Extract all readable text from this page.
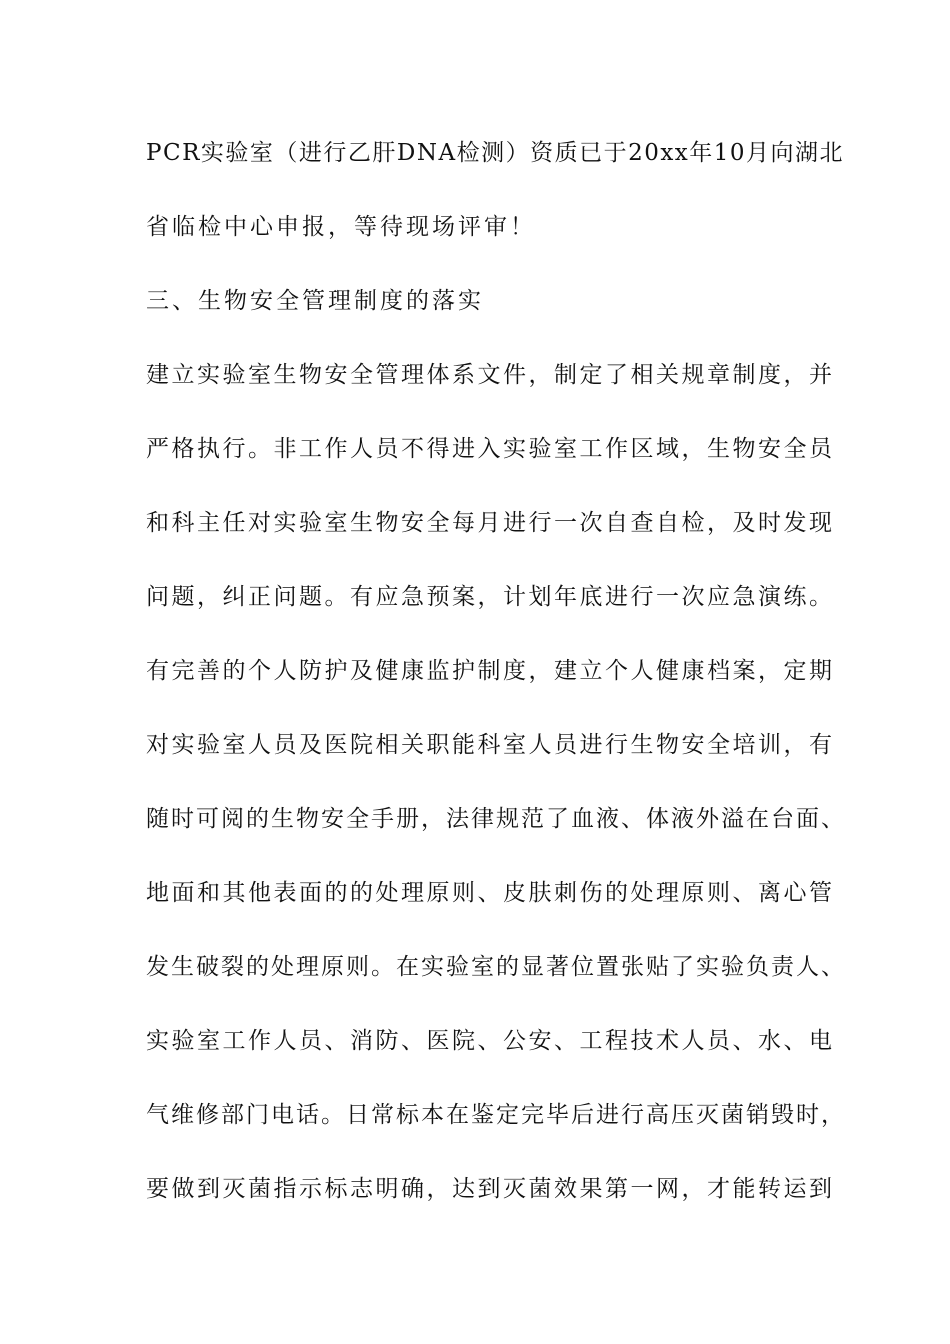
PCR实验室（进行乙肝DNA检测）资质已于20xx年10月向湖北
省临检中心申报，等待现场评审！
三、生物安全管理制度的落实
建立实验室生物安全管理体系文件，制定了相关规章制度，并
严格执行。非工作人员不得进入实验室工作区域，生物安全员
和科主任对实验室生物安全每月进行一次自查自检，及时发现
问题，纠正问题。有应急预案，计划年底进行一次应急演练。
有完善的个人防护及健康监护制度，建立个人健康档案，定期
对实验室人员及医院相关职能科室人员进行生物安全培训，有
随时可阅的生物安全手册，法律规范了血液、体液外溢在台面、
地面和其他表面的的处理原则、皮肤刺伤的处理原则、离心管
发生破裂的处理原则。在实验室的显著位置张贴了实验负责人、
实验室工作人员、消防、医院、公安、工程技术人员、水、电
气维修部门电话。日常标本在鉴定完毕后进行高压灭菌销毁时，
要做到灭菌指示标志明确，达到灭菌效果第一网，才能转运到
